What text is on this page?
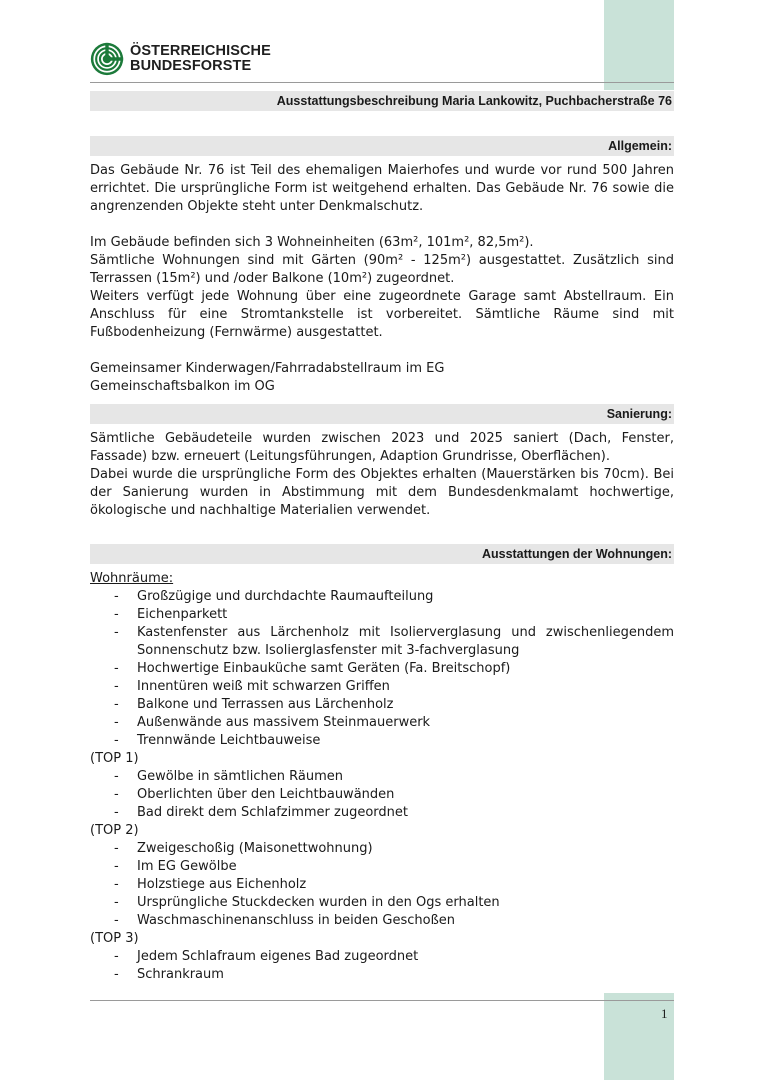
ÖSTERREICHISCHE
BUNDESFORSTE
Ausstattungsbeschreibung Maria Lankowitz, Puchbacherstraße 76
Allgemein:

Das Gebäude Nr. 76 ist Teil des ehemaligen Maierhofes und wurde vor rund 500 Jahren errichtet. Die ursprüngliche Form ist weitgehend erhalten. Das Gebäude Nr. 76 sowie die angrenzenden Objekte steht unter Denkmalschutz.

Im Gebäude befinden sich 3 Wohneinheiten (63m², 101m², 82,5m²).

Sämtliche Wohnungen sind mit Gärten (90m² - 125m²) ausgestattet. Zusätzlich sind Terrassen (15m²) und /oder Balkone (10m²) zugeordnet.

Weiters verfügt jede Wohnung über eine zugeordnete Garage samt Abstellraum. Ein Anschluss für eine Stromtankstelle ist vorbereitet. Sämtliche Räume sind mit Fußbodenheizung (Fernwärme) ausgestattet.

Gemeinsamer Kinderwagen/Fahrradabstellraum im EG

Gemeinschaftsbalkon im OG

Sanierung:

Sämtliche Gebäudeteile wurden zwischen 2023 und 2025 saniert (Dach, Fenster, Fassade) bzw. erneuert (Leitungsführungen, Adaption Grundrisse, Oberflächen).

Dabei wurde die ursprüngliche Form des Objektes erhalten (Mauerstärken bis 70cm). Bei der Sanierung wurden in Abstimmung mit dem Bundesdenkmalamt hochwertige, ökologische und nachhaltige Materialien verwendet.

Ausstattungen der Wohnungen:
Wohnräume:
- Großzügige und durchdachte Raumaufteilung
- Eichenparkett
- Kastenfenster aus Lärchenholz mit Isolierverglasung und zwischenliegendem Sonnenschutz bzw. Isolierglasfenster mit 3-fachverglasung
- Hochwertige Einbauküche samt Geräten (Fa. Breitschopf)
- Innentüren weiß mit schwarzen Griffen
- Balkone und Terrassen aus Lärchenholz
- Außenwände aus massivem Steinmauerwerk
- Trennwände Leichtbauweise
(TOP 1)
- Gewölbe in sämtlichen Räumen
- Oberlichten über den Leichtbauwänden
- Bad direkt dem Schlafzimmer zugeordnet
(TOP 2)
- Zweigeschoßig (Maisonettwohnung)
- Im EG Gewölbe
- Holzstiege aus Eichenholz
- Ursprüngliche Stuckdecken wurden in den Ogs erhalten
- Waschmaschinenanschluss in beiden Geschoßen
(TOP 3)
- Jedem Schlafraum eigenes Bad zugeordnet
- Schrankraum
1
